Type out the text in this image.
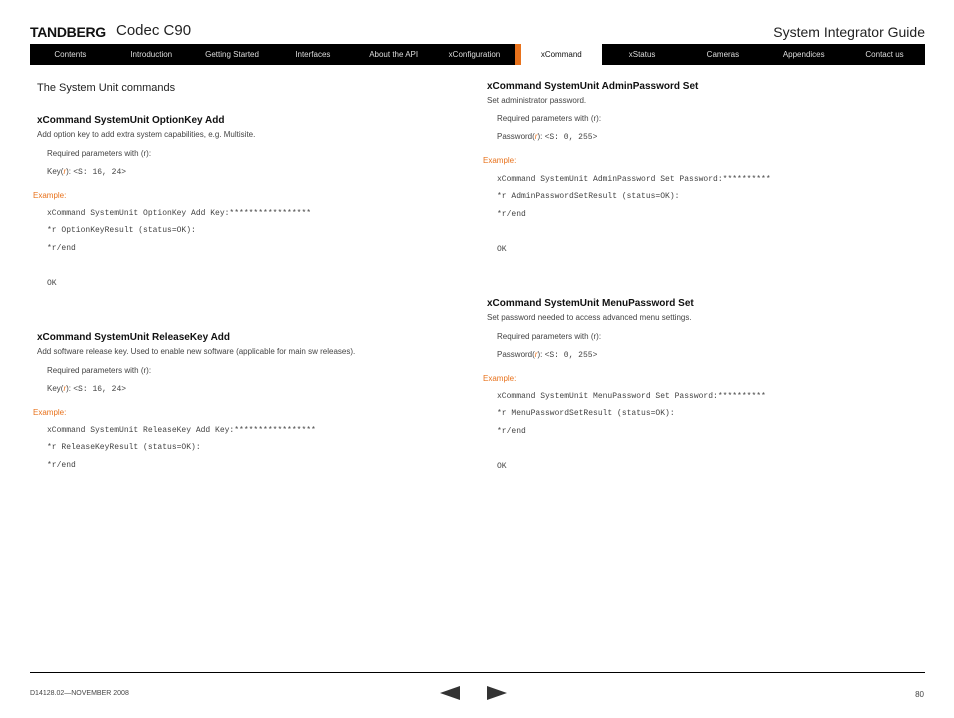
TANDBERG Codec C90	System Integrator Guide
Contents	Introduction	Getting Started	Interfaces	About the API	xConfiguration	xCommand	xStatus	Cameras	Appendices	Contact us
The System Unit commands
xCommand SystemUnit OptionKey Add
Add option key to add extra system capabilities, e.g. Multisite.
Required parameters with (r):
Key(r): <S: 16, 24>
Example:
xCommand SystemUnit OptionKey Add Key:*****************
*r OptionKeyResult (status=OK):
*r/end
OK
xCommand SystemUnit ReleaseKey Add
Add software release key. Used to enable new software (applicable for main sw releases).
Required parameters with (r):
Key(r): <S: 16, 24>
Example:
xCommand SystemUnit ReleaseKey Add Key:*****************
*r ReleaseKeyResult (status=OK):
*r/end
xCommand SystemUnit AdminPassword Set
Set administrator password.
Required parameters with (r):
Password(r): <S: 0, 255>
Example:
xCommand SystemUnit AdminPassword Set Password:**********
*r AdminPasswordSetResult (status=OK):
*r/end
OK
xCommand SystemUnit MenuPassword Set
Set password needed to access advanced menu settings.
Required parameters with (r):
Password(r): <S: 0, 255>
Example:
xCommand SystemUnit MenuPassword Set Password:**********
*r MenuPasswordSetResult (status=OK):
*r/end
OK
D14128.02—NOVEMBER 2008	80
